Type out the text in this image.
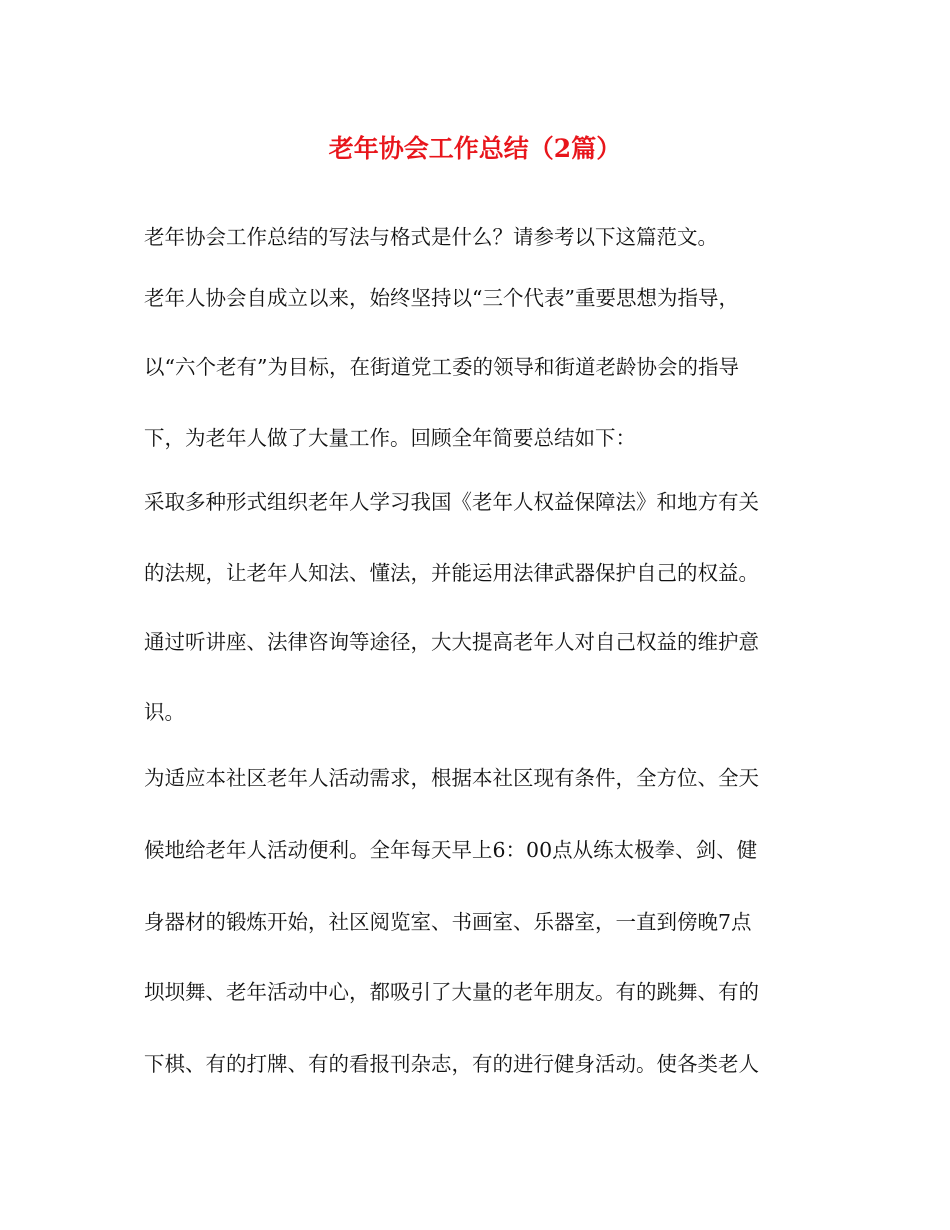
老年协会工作总结（2篇）
老年协会工作总结的写法与格式是什么？请参考以下这篇范文。
老年人协会自成立以来，始终坚持以“三个代表”重要思想为指导，
以“六个老有”为目标，在街道党工委的领导和街道老龄协会的指导
下，为老年人做了大量工作。回顾全年简要总结如下：
采取多种形式组织老年人学习我国《老年人权益保障法》和地方有关
的法规，让老年人知法、懂法，并能运用法律武器保护自己的权益。
通过听讲座、法律咨询等途径，大大提高老年人对自己权益的维护意
识。
为适应本社区老年人活动需求，根据本社区现有条件，全方位、全天
候地给老年人活动便利。全年每天早上6：00点从练太极拳、剑、健
身器材的锻炼开始，社区阅览室、书画室、乐器室，一直到傍晚7点
坝坝舞、老年活动中心，都吸引了大量的老年朋友。有的跳舞、有的
下棋、有的打牌、有的看报刊杂志，有的进行健身活动。使各类老人
